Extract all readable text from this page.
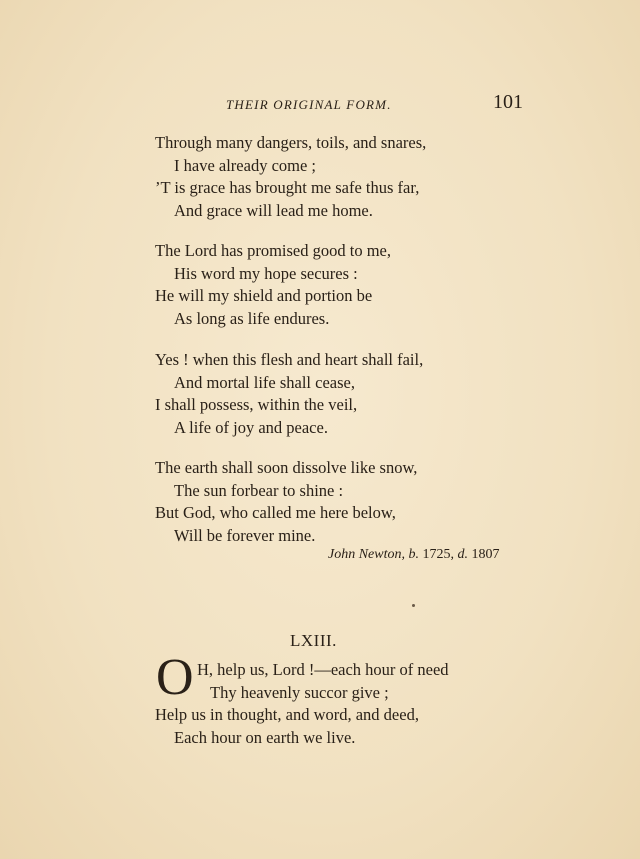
THEIR ORIGINAL FORM.	101
Through many dangers, toils, and snares,
I have already come ;
’T is grace has brought me safe thus far,
And grace will lead me home.
The Lord has promised good to me,
His word my hope secures :
He will my shield and portion be
As long as life endures.
Yes ! when this flesh and heart shall fail,
And mortal life shall cease,
I shall possess, within the veil,
A life of joy and peace.
The earth shall soon dissolve like snow,
The sun forbear to shine :
But God, who called me here below,
Will be forever mine.
John Newton, b. 1725, d. 1807
LXIII.
O H, help us, Lord !—each hour of need
Thy heavenly succor give ;
Help us in thought, and word, and deed,
Each hour on earth we live.
